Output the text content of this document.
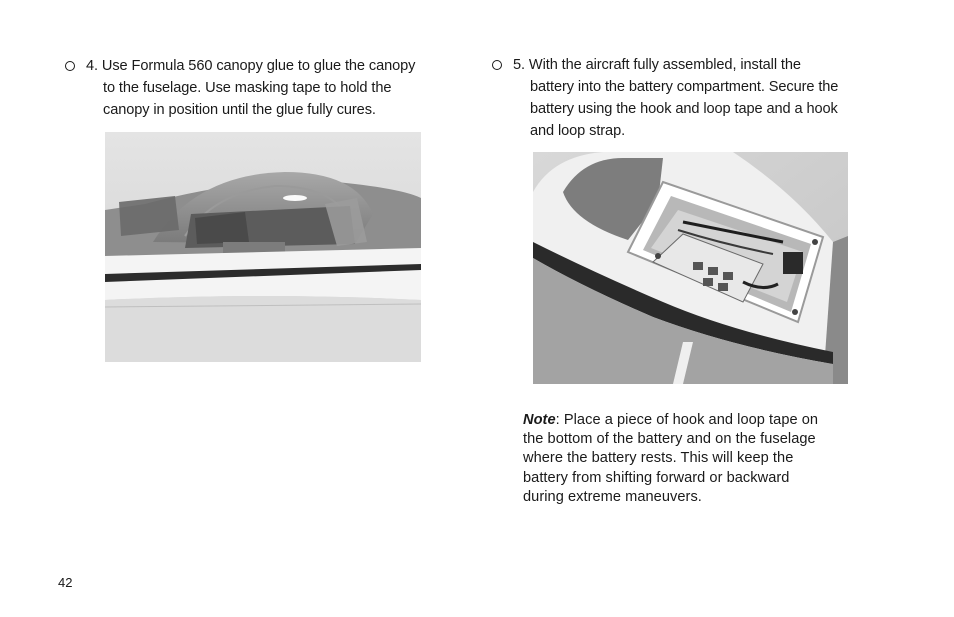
4. Use Formula 560 canopy glue to glue the canopy
to the fuselage. Use masking tape to hold the
canopy in position until the glue fully cures.
5. With the aircraft fully assembled, install the
battery into the battery compartment. Secure the
battery using the hook and loop tape and a hook
and loop strap.
Note: Place a piece of hook and loop tape on
the bottom of the battery and on the fuselage
where the battery rests. This will keep the
battery from shifting forward or backward
during extreme maneuvers.
42
